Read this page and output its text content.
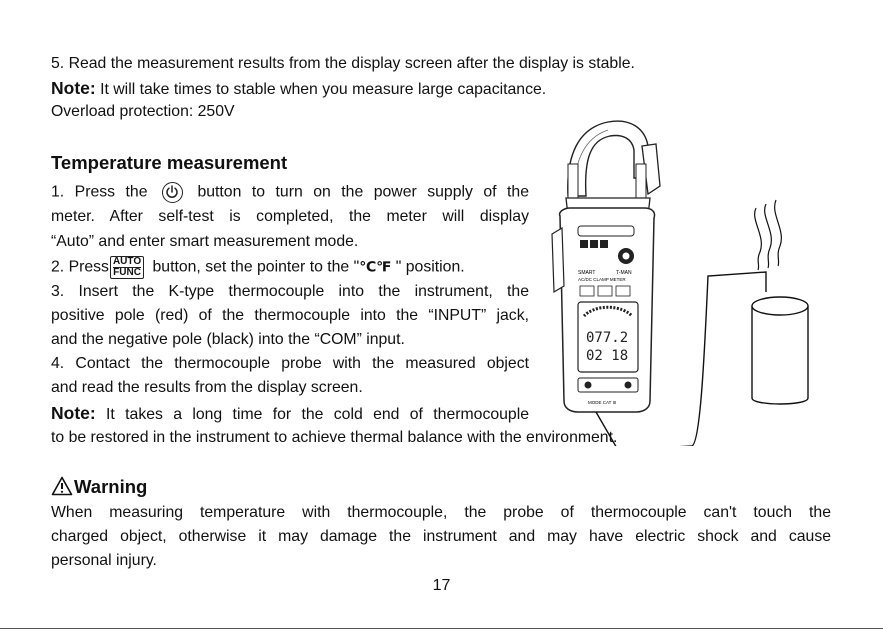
5. Read the measurement results from the display screen after the display is stable.
Note: It will take times to stable when you measure large capacitance.
Overload protection: 250V
Temperature measurement
1. Press the	button to turn on the power supply of the
meter. After self-test is completed, the meter will display
“Auto” and enter smart measurement mode.
2. Press AUTO
FUNC button, set the pointer to the "℃℉ " position.
3. Insert the K-type thermocouple into the instrument, the
positive pole (red) of the thermocouple into the “INPUT” jack,
and the negative pole (black) into the “COM” input.
4. Contact the thermocouple probe with the measured object
and read the results from the display screen.
Note: It takes a long time for the cold end of thermocouple
to be restored in the instrument to achieve thermal balance with the environment.
Warning
When measuring temperature with thermocouple, the probe of thermocouple can't touch the
charged object, otherwise it may damage the instrument and may have electric shock and cause
personal injury.
17
SMART	T-MAN
AC/DC CLAMP METER
077.2
02 18
MODE CAT III
